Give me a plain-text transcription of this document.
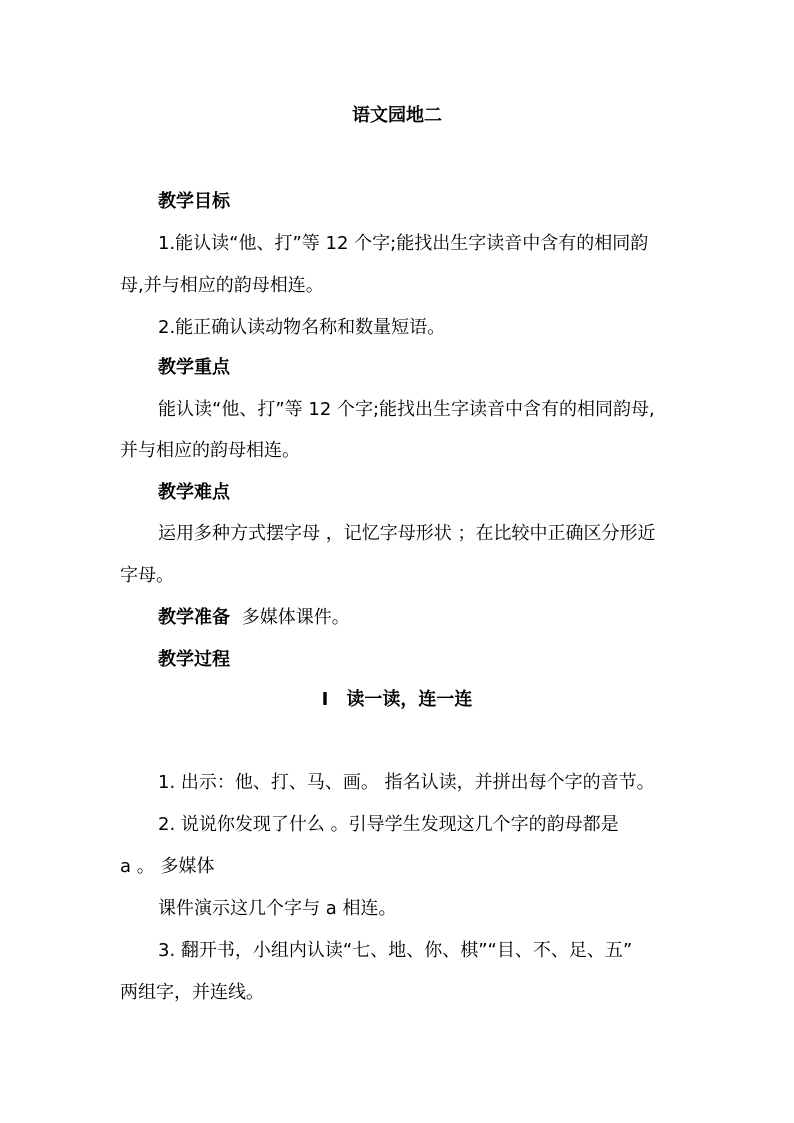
语文园地二

教学目标

1.能认读“他、打”等 12 个字;能找出生字读音中含有的相同韵

母,并与相应的韵母相连。

2.能正确认读动物名称和数量短语。

教学重点

能认读“他、打”等 12 个字;能找出生字读音中含有的相同韵母,

并与相应的韵母相连。

教学难点

运用多种方式摆字母 ，记忆字母形状 ；在比较中正确区分形近

字母。

教学准备 多媒体课件。

教学过程

Ⅰ　读一读，连一连

1. 出示：他、打、马、画。 指名认读，并拼出每个字的音节。

2. 说说你发现了什么 。引导学生发现这几个字的韵母都是

a 。 多媒体

课件演示这几个字与 a 相连。

3. 翻开书，小组内认读“七、地、你、棋”“目、不、足、五”

两组字，并连线。
